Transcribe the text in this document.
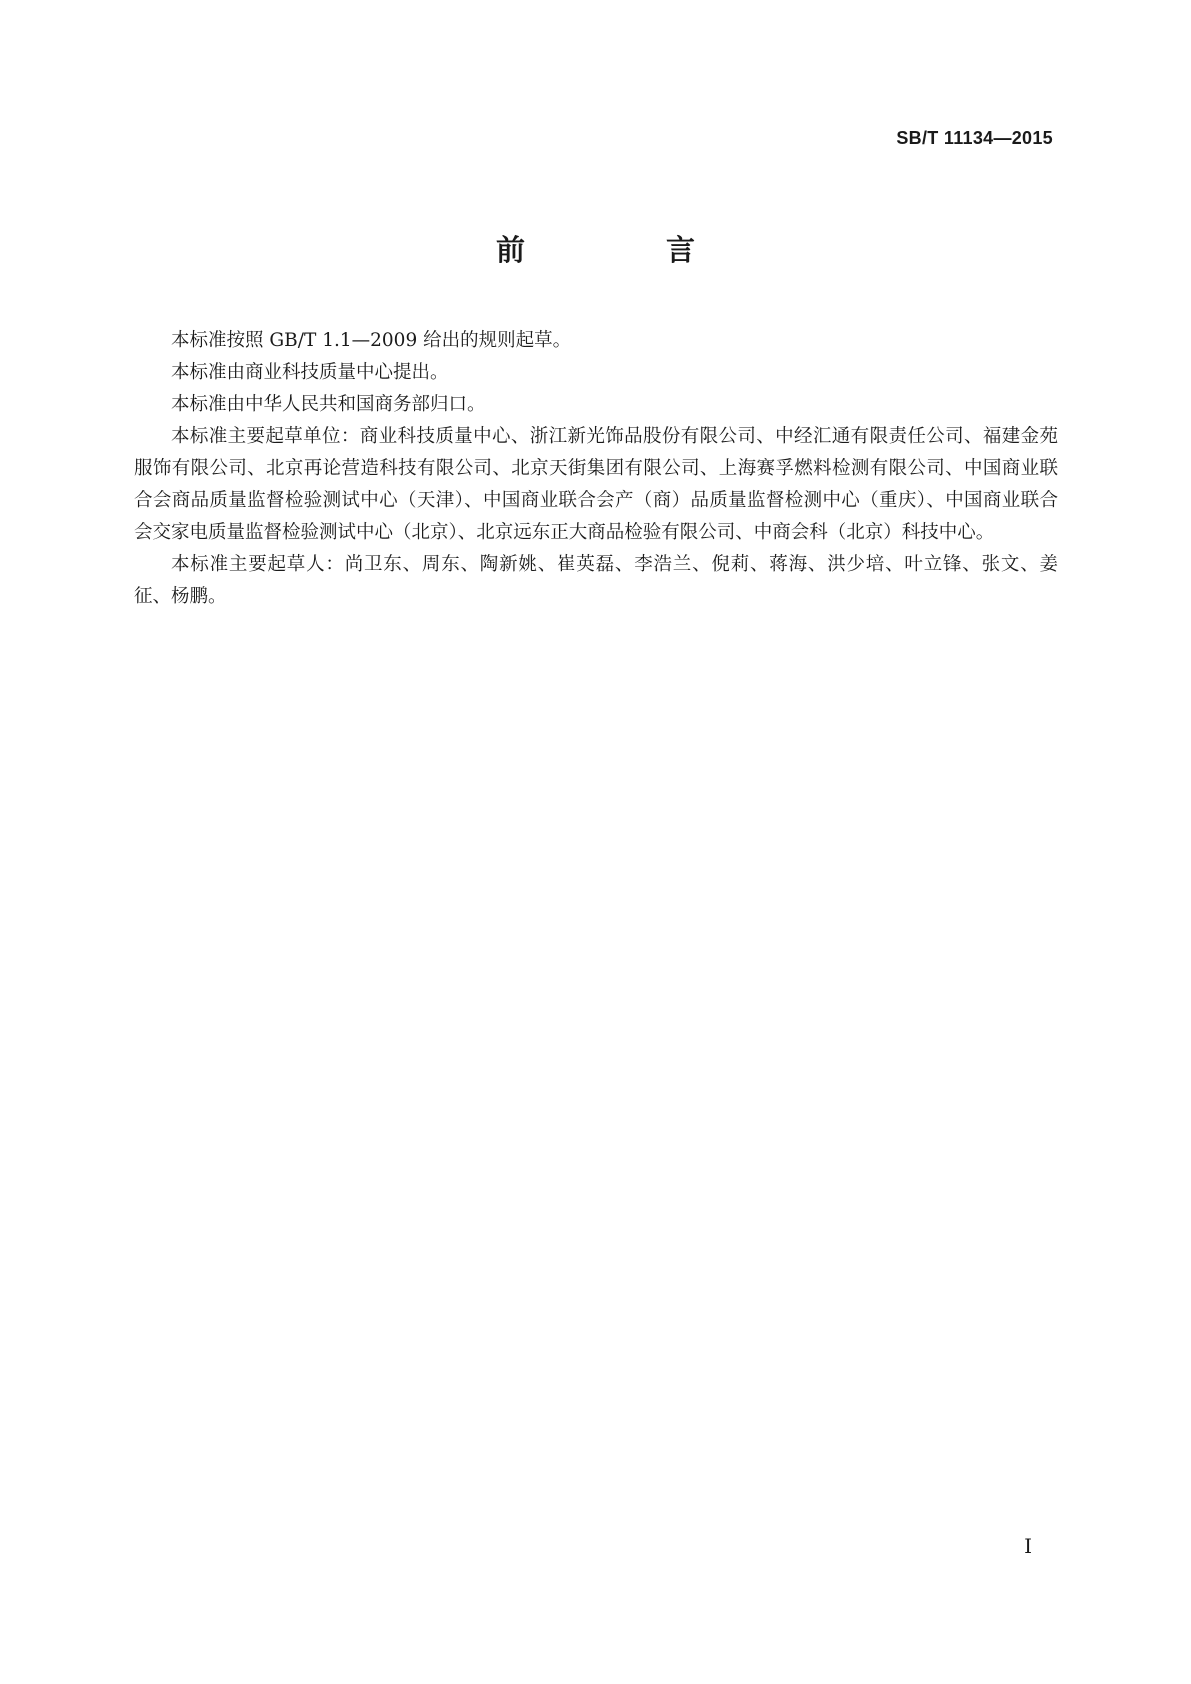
SB/T 11134—2015
前　言

本标准按照 GB/T 1.1—2009 给出的规则起草。

本标准由商业科技质量中心提出。

本标准由中华人民共和国商务部归口。

本标准主要起草单位：商业科技质量中心、浙江新光饰品股份有限公司、中经汇通有限责任公司、福建金苑服饰有限公司、北京再论营造科技有限公司、北京天街集团有限公司、上海赛孚燃料检测有限公司、中国商业联合会商品质量监督检验测试中心（天津）、中国商业联合会产（商）品质量监督检测中心（重庆）、中国商业联合会交家电质量监督检验测试中心（北京）、北京远东正大商品检验有限公司、中商会科（北京）科技中心。

本标准主要起草人：尚卫东、周东、陶新姚、崔英磊、李浩兰、倪莉、蒋海、洪少培、叶立锋、张文、姜征、杨鹏。

I
